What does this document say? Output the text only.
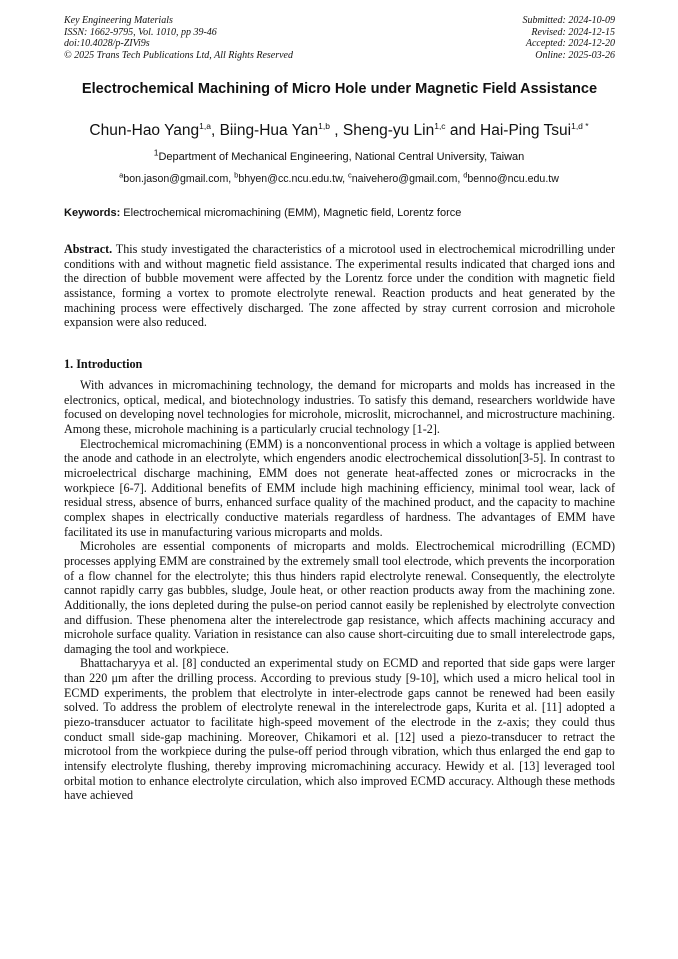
Key Engineering Materials
ISSN: 1662-9795, Vol. 1010, pp 39-46
doi:10.4028/p-ZIVi9s
© 2025 Trans Tech Publications Ltd, All Rights Reserved
Submitted: 2024-10-09
Revised: 2024-12-15
Accepted: 2024-12-20
Online: 2025-03-26
Electrochemical Machining of Micro Hole under Magnetic Field Assistance
Chun-Hao Yang$^{1,a}$, Biing-Hua Yan$^{1,b}$ , Sheng-yu Lin$^{1,c}$ and Hai-Ping Tsui$^{1,d *}$
$^1$Department of Mechanical Engineering, National Central University, Taiwan
$^a$bon.jason@gmail.com, $^b$bhyen@cc.ncu.edu.tw, $^c$naivehero@gmail.com, $^d$benno@ncu.edu.tw
Keywords: Electrochemical micromachining (EMM), Magnetic field, Lorentz force
Abstract. This study investigated the characteristics of a microtool used in electrochemical microdrilling under conditions with and without magnetic field assistance. The experimental results indicated that charged ions and the direction of bubble movement were affected by the Lorentz force under the condition with magnetic field assistance, forming a vortex to promote electrolyte renewal. Reaction products and heat generated by the machining process were effectively discharged. The zone affected by stray current corrosion and microhole expansion were also reduced.
1. Introduction

With advances in micromachining technology, the demand for microparts and molds has increased in the electronics, optical, medical, and biotechnology industries. To satisfy this demand, researchers worldwide have focused on developing novel technologies for microhole, microslit, microchannel, and microstructure machining. Among these, microhole machining is a particularly crucial technology [1-2].

Electrochemical micromachining (EMM) is a nonconventional process in which a voltage is applied between the anode and cathode in an electrolyte, which engenders anodic electrochemical dissolution[3-5]. In contrast to microelectrical discharge machining, EMM does not generate heat-affected zones or microcracks in the workpiece [6-7]. Additional benefits of EMM include high machining efficiency, minimal tool wear, lack of residual stress, absence of burrs, enhanced surface quality of the machined product, and the capacity to machine complex shapes in electrically conductive materials regardless of hardness. The advantages of EMM have facilitated its use in manufacturing various microparts and molds.

Microholes are essential components of microparts and molds. Electrochemical microdrilling (ECMD) processes applying EMM are constrained by the extremely small tool electrode, which prevents the incorporation of a flow channel for the electrolyte; this thus hinders rapid electrolyte renewal. Consequently, the electrolyte cannot rapidly carry gas bubbles, sludge, Joule heat, or other reaction products away from the machining zone. Additionally, the ions depleted during the pulse-on period cannot easily be replenished by electrolyte convection and diffusion. These phenomena alter the interelectrode gap resistance, which affects machining accuracy and microhole surface quality. Variation in resistance can also cause short-circuiting due to small interelectrode gaps, damaging the tool and workpiece.

Bhattacharyya et al. [8] conducted an experimental study on ECMD and reported that side gaps were larger than 220 μm after the drilling process. According to previous study [9-10], which used a micro helical tool in ECMD experiments, the problem that electrolyte in inter-electrode gaps cannot be renewed had been easily solved. To address the problem of electrolyte renewal in the interelectrode gaps, Kurita et al. [11] adopted a piezo-transducer actuator to facilitate high-speed movement of the electrode in the z-axis; they could thus conduct small side-gap machining. Moreover, Chikamori et al. [12] used a piezo-transducer to retract the microtool from the workpiece during the pulse-off period through vibration, which thus enlarged the end gap to intensify electrolyte flushing, thereby improving micromachining accuracy. Hewidy et al. [13] leveraged tool orbital motion to enhance electrolyte circulation, which also improved ECMD accuracy. Although these methods have achieved
